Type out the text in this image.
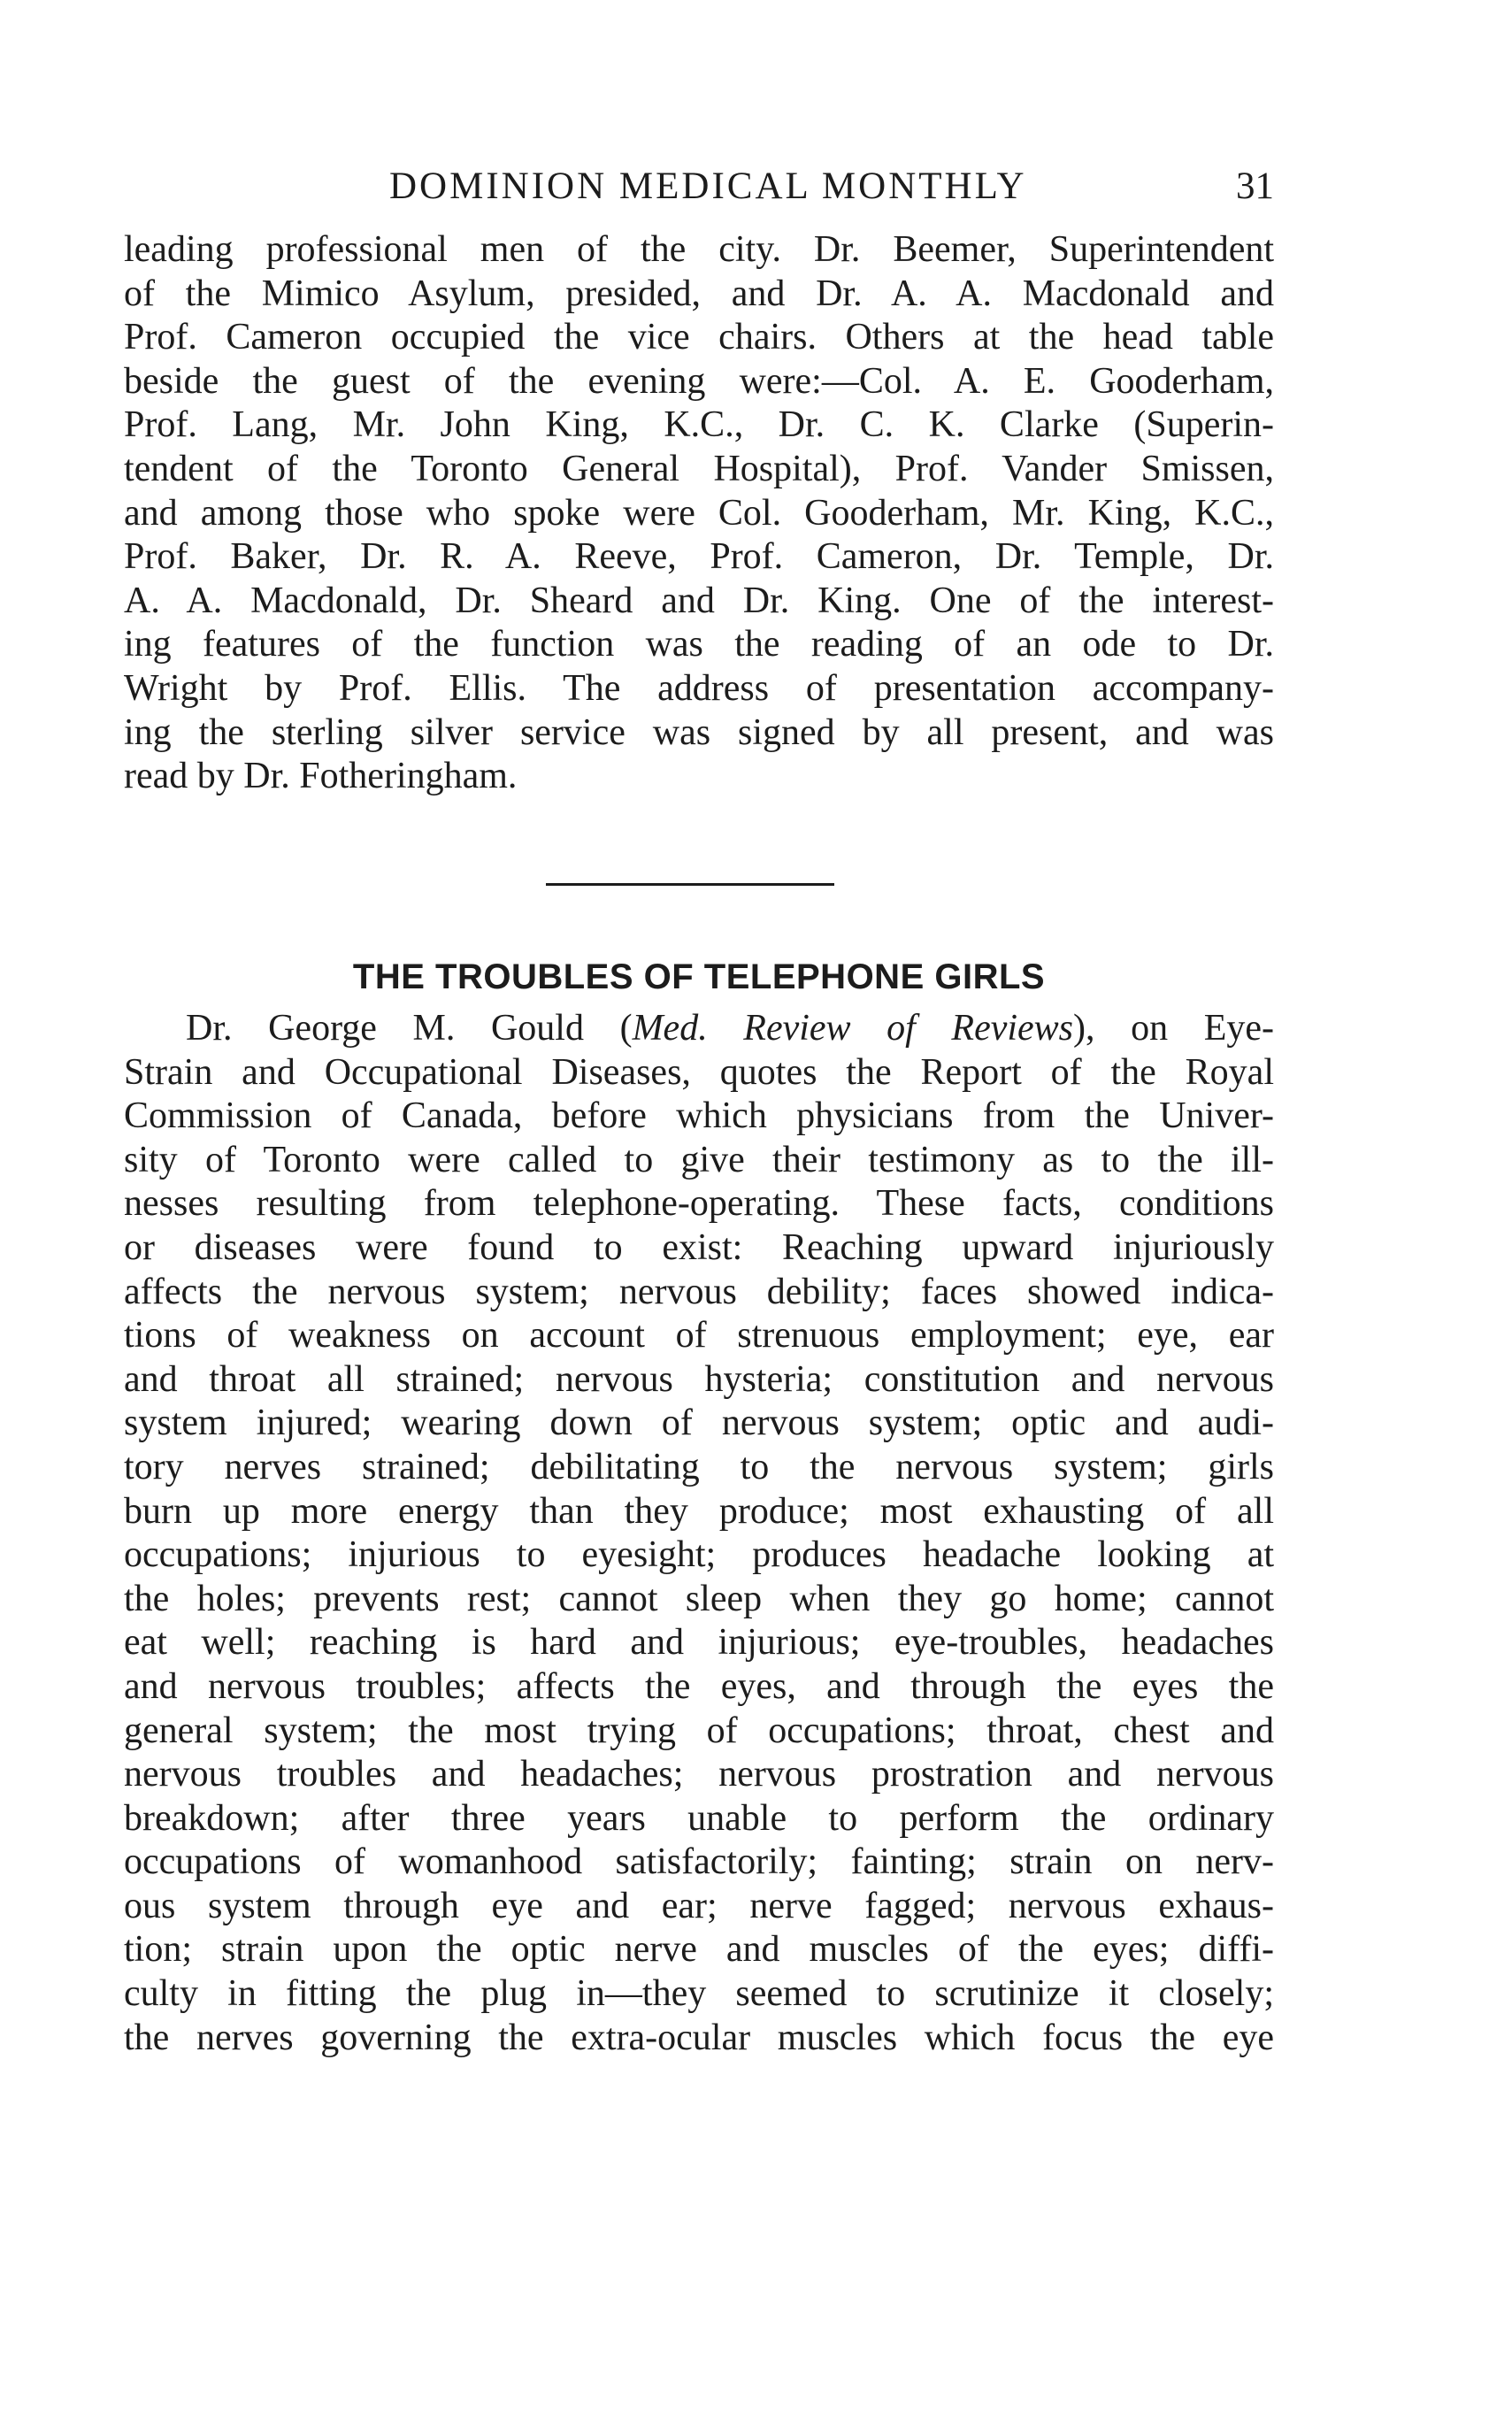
DOMINION MEDICAL MONTHLY	31
leading professional men of the city. Dr. Beemer, Superintendent
of the Mimico Asylum, presided, and Dr. A. A. Macdonald and
Prof. Cameron occupied the vice chairs. Others at the head table
beside the guest of the evening were:—Col. A. E. Gooderham,
Prof. Lang, Mr. John King, K.C., Dr. C. K. Clarke (Superin-
tendent of the Toronto General Hospital), Prof. Vander Smissen,
and among those who spoke were Col. Gooderham, Mr. King, K.C.,
Prof. Baker, Dr. R. A. Reeve, Prof. Cameron, Dr. Temple, Dr.
A. A. Macdonald, Dr. Sheard and Dr. King. One of the interest-
ing features of the function was the reading of an ode to Dr.
Wright by Prof. Ellis. The address of presentation accompany-
ing the sterling silver service was signed by all present, and was
read by Dr. Fotheringham.
THE TROUBLES OF TELEPHONE GIRLS
Dr. George M. Gould (Med. Review of Reviews), on Eye-
Strain and Occupational Diseases, quotes the Report of the Royal
Commission of Canada, before which physicians from the Univer-
sity of Toronto were called to give their testimony as to the ill-
nesses resulting from telephone-operating. These facts, conditions
or diseases were found to exist: Reaching upward injuriously
affects the nervous system; nervous debility; faces showed indica-
tions of weakness on account of strenuous employment; eye, ear
and throat all strained; nervous hysteria; constitution and nervous
system injured; wearing down of nervous system; optic and audi-
tory nerves strained; debilitating to the nervous system; girls
burn up more energy than they produce; most exhausting of all
occupations; injurious to eyesight; produces headache looking at
the holes; prevents rest; cannot sleep when they go home; cannot
eat well; reaching is hard and injurious; eye-troubles, headaches
and nervous troubles; affects the eyes, and through the eyes the
general system; the most trying of occupations; throat, chest and
nervous troubles and headaches; nervous prostration and nervous
breakdown; after three years unable to perform the ordinary
occupations of womanhood satisfactorily; fainting; strain on nerv-
ous system through eye and ear; nerve fagged; nervous exhaus-
tion; strain upon the optic nerve and muscles of the eyes; diffi-
culty in fitting the plug in—they seemed to scrutinize it closely;
the nerves governing the extra-ocular muscles which focus the eye
